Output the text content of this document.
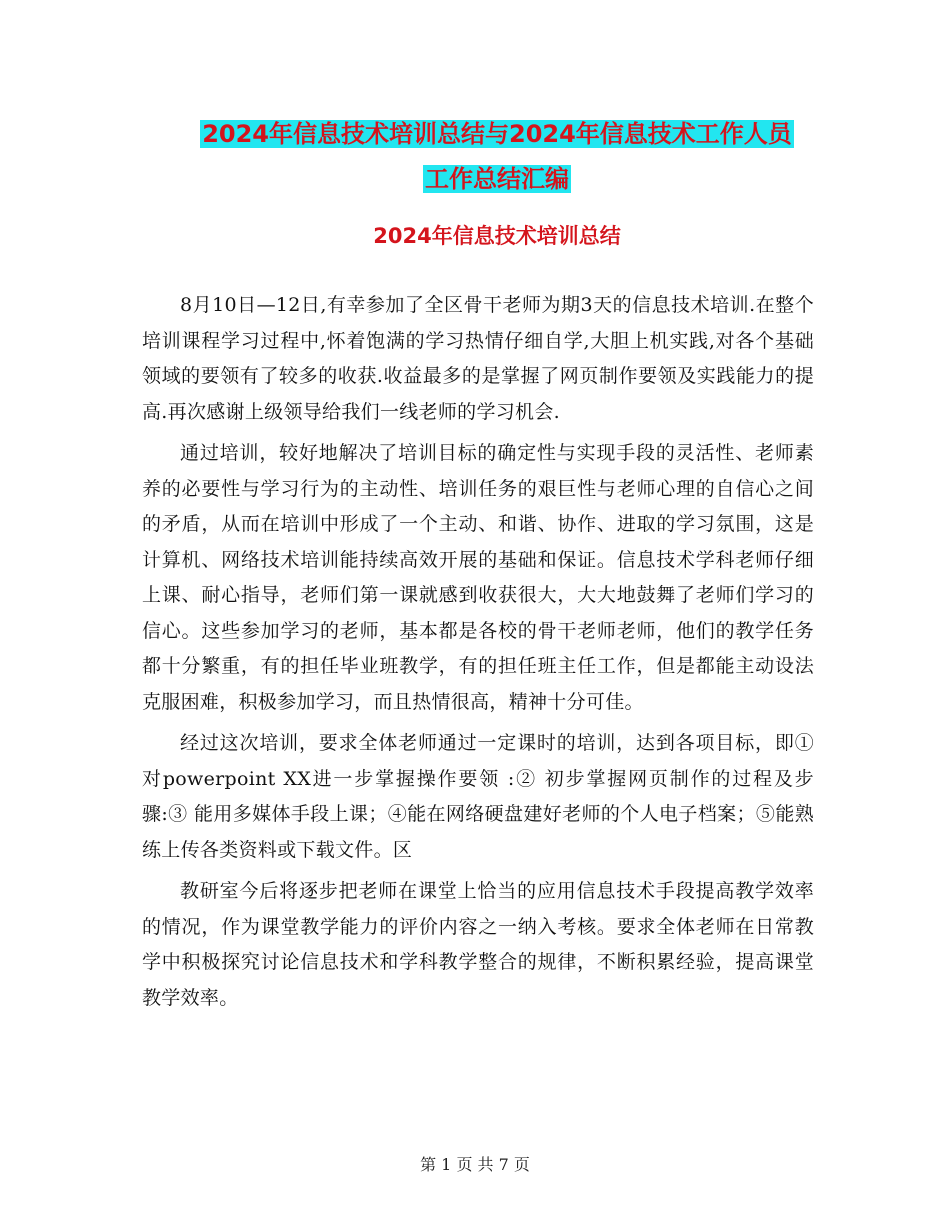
2024年信息技术培训总结与2024年信息技术工作人员
工作总结汇编
2024年信息技术培训总结

8月10日—12日,有幸参加了全区骨干老师为期3天的信息技术培训.在整个培训课程学习过程中,怀着饱满的学习热情仔细自学,大胆上机实践,对各个基础领域的要领有了较多的收获.收益最多的是掌握了网页制作要领及实践能力的提高.再次感谢上级领导给我们一线老师的学习机会.

通过培训，较好地解决了培训目标的确定性与实现手段的灵活性、老师素养的必要性与学习行为的主动性、培训任务的艰巨性与老师心理的自信心之间的矛盾，从而在培训中形成了一个主动、和谐、协作、进取的学习氛围，这是计算机、网络技术培训能持续高效开展的基础和保证。信息技术学科老师仔细上课、耐心指导，老师们第一课就感到收获很大，大大地鼓舞了老师们学习的信心。这些参加学习的老师，基本都是各校的骨干老师老师，他们的教学任务都十分繁重，有的担任毕业班教学，有的担任班主任工作，但是都能主动设法克服困难，积极参加学习，而且热情很高，精神十分可佳。

经过这次培训，要求全体老师通过一定课时的培训，达到各项目标，即①对powerpoint XX进一步掌握操作要领 :② 初步掌握网页制作的过程及步骤:③ 能用多媒体手段上课；④能在网络硬盘建好老师的个人电子档案；⑤能熟练上传各类资料或下载文件。区

教研室今后将逐步把老师在课堂上恰当的应用信息技术手段提高教学效率的情况，作为课堂教学能力的评价内容之一纳入考核。要求全体老师在日常教学中积极探究讨论信息技术和学科教学整合的规律，不断积累经验，提高课堂教学效率。

第 1 页 共 7 页
